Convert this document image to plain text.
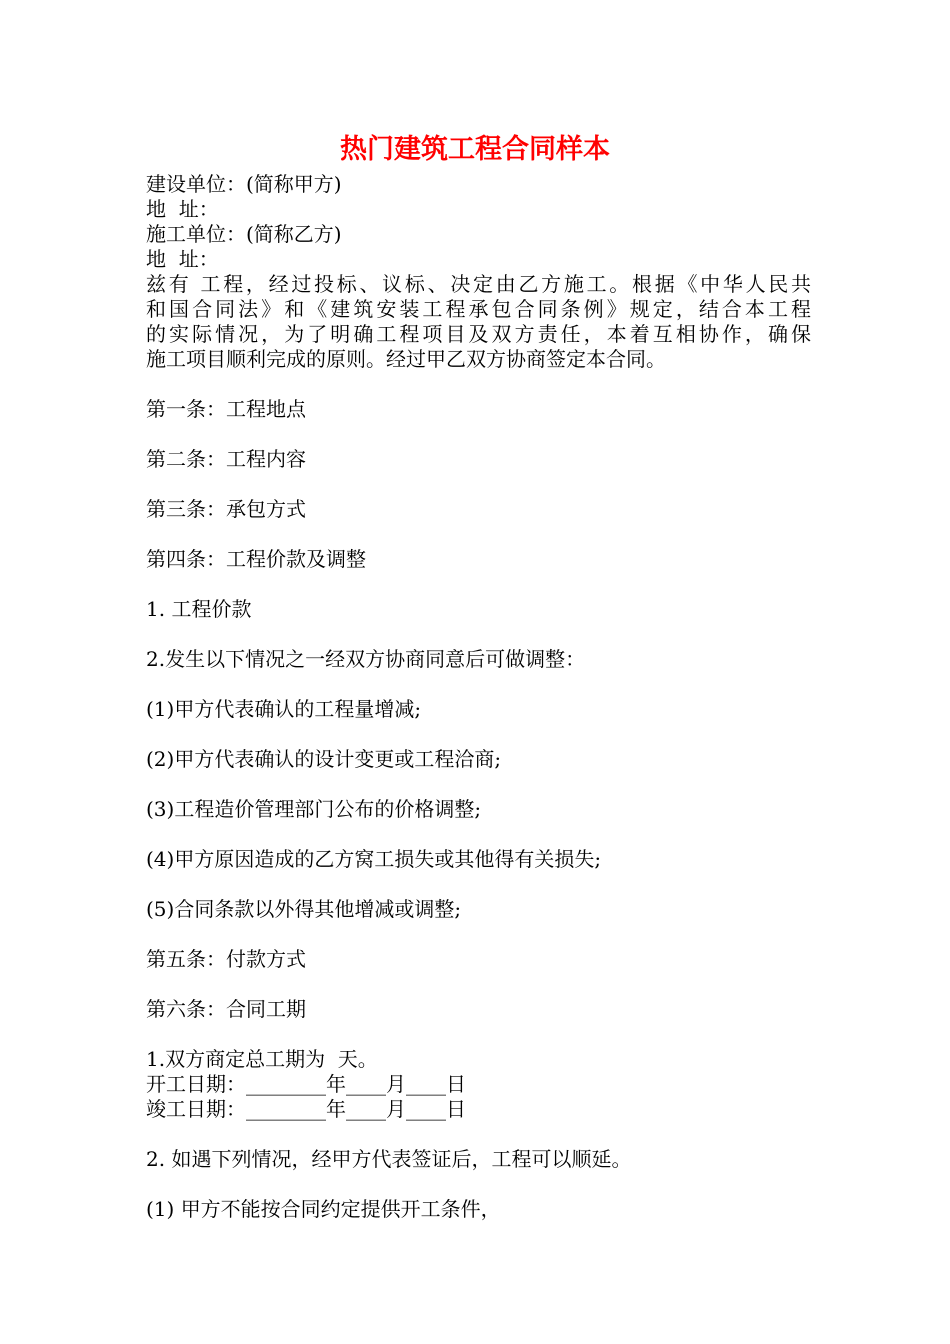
热门建筑工程合同样本
建设单位：(简称甲方)
地  址：
施工单位：(简称乙方)
地  址：
兹有 工程，经过投标、议标、决定由乙方施工。根据《中华人民共
和国合同法》和《建筑安装工程承包合同条例》规定，结合本工程
的实际情况，为了明确工程项目及双方责任，本着互相协作，确保
施工项目顺利完成的原则。经过甲乙双方协商签定本合同。
第一条：工程地点
第二条：工程内容
第三条：承包方式
第四条：工程价款及调整
1. 工程价款
2.发生以下情况之一经双方协商同意后可做调整：
(1)甲方代表确认的工程量增减;
(2)甲方代表确认的设计变更或工程洽商;
(3)工程造价管理部门公布的价格调整;
(4)甲方原因造成的乙方窝工损失或其他得有关损失;
(5)合同条款以外得其他增减或调整;
第五条：付款方式
第六条：合同工期
1.双方商定总工期为  天。
开工日期：________年____月____日
竣工日期：________年____月____日
2. 如遇下列情况，经甲方代表签证后，工程可以顺延。
(1) 甲方不能按合同约定提供开工条件，
